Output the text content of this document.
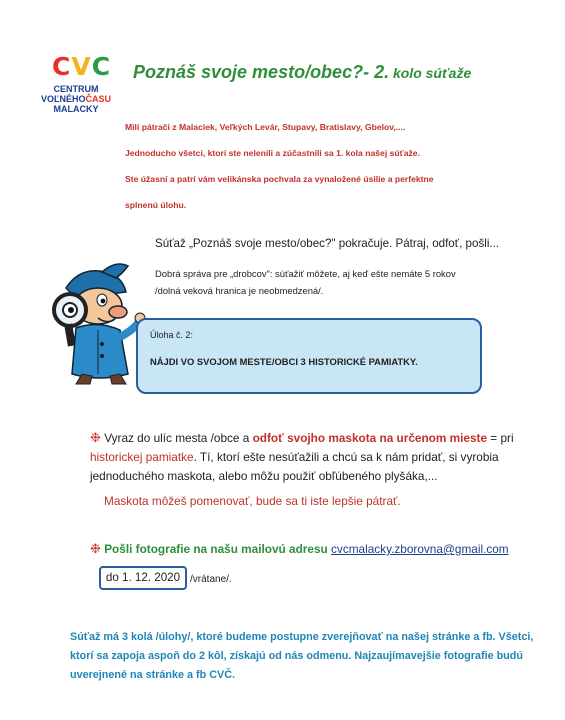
CVC
CENTRUM
VOĽNÉHOČASU
MALACKY
Poznáš svoje mesto/obec?- 2. kolo súťaže
Milí pátrači z Malaciek, Veľkých Levár, Stupavy, Bratislavy, Gbelov,....
Jednoducho všetci, ktorí ste nelenili a zúčastnili sa 1. kola našej súťaže.
Ste úžasní a patrí vám velikánska pochvala za vynaložené úsilie a perfektne
splnenú úlohu.
Súťaž „Poznáš svoje mesto/obec?" pokračuje. Pátraj, odfoť, pošli...
Dobrá správa pre „drobcov": súťažiť môžete, aj keď ešte nemáte 5 rokov
/dolná veková hranica je neobmedzená/.
Úloha č. 2:
NÁJDI VO SVOJOM MESTE/OBCI 3 HISTORICKÉ PAMIATKY.
❉ Vyraz do ulíc mesta /obce a odfoť svojho maskota na určenom mieste = pri historickej pamiatke. Tí, ktorí ešte nesúťažili a chcú sa k nám pridať, si vyrobia jednoduchého maskota, alebo môžu použiť obľúbeného plyšáka,...
Maskota môžeš pomenovať, bude sa ti iste lepšie pátrať.
❉ Pošli fotografie na našu mailovú adresu cvcmalacky.zborovna@gmail.com
do 1. 12. 2020 /vrátane/.
Súťaž má 3 kolá /úlohy/, ktoré budeme postupne zverejňovať na našej stránke a fb. Všetci, ktorí sa zapoja aspoň do 2 kôl, získajú od nás odmenu. Najzaujímavejšie fotografie budú uverejnené na stránke a fb CVČ.
